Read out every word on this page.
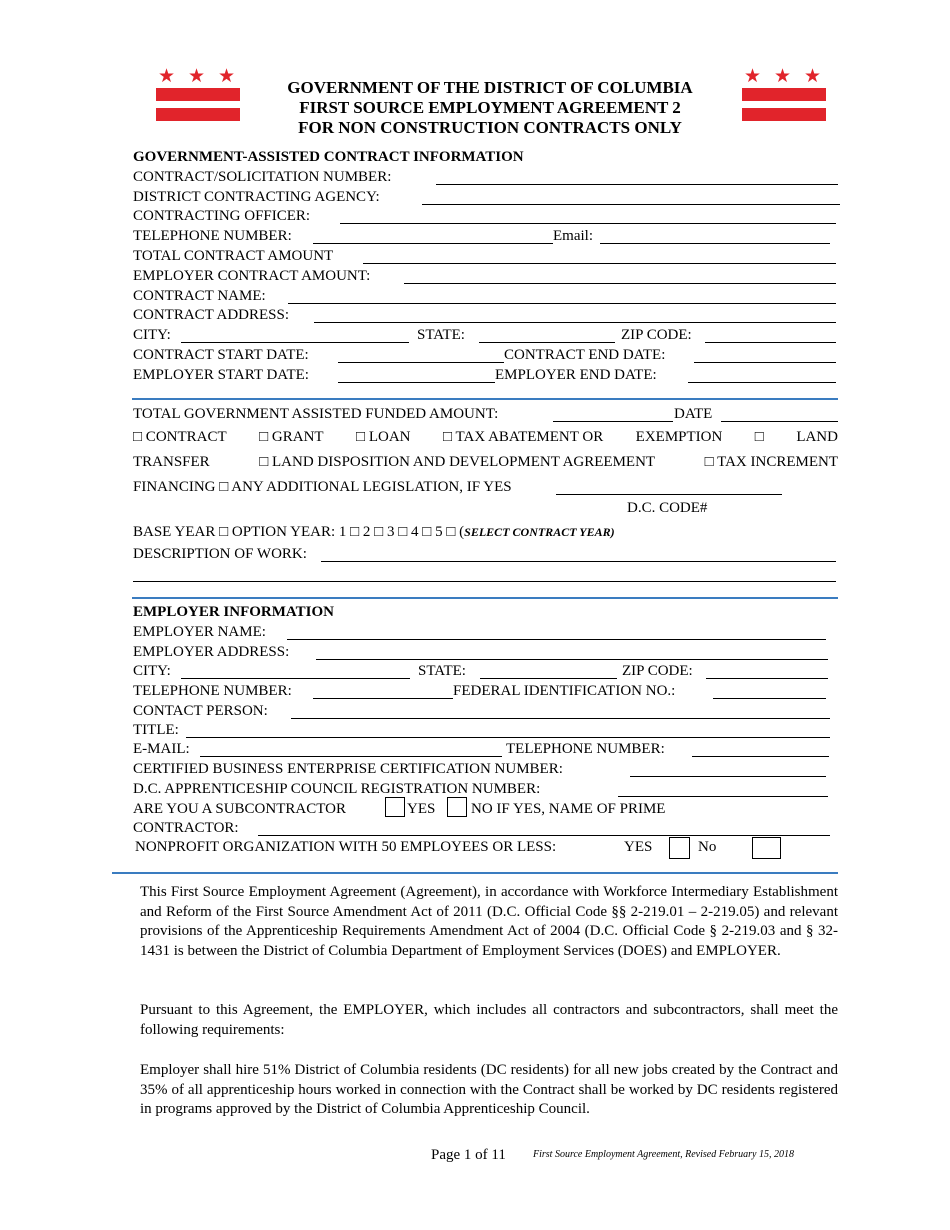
★ ★ ★	★ ★ ★
GOVERNMENT OF THE DISTRICT OF COLUMBIA
FIRST SOURCE EMPLOYMENT AGREEMENT 2
FOR NON CONSTRUCTION CONTRACTS ONLY
GOVERNMENT-ASSISTED CONTRACT INFORMATION
CONTRACT/SOLICITATION NUMBER:
DISTRICT CONTRACTING AGENCY:
CONTRACTING OFFICER:
TELEPHONE NUMBER:	Email:
TOTAL CONTRACT AMOUNT
EMPLOYER CONTRACT AMOUNT:
CONTRACT NAME:
CONTRACT ADDRESS:
CITY:	STATE:	ZIP CODE:
CONTRACT START DATE:	CONTRACT END DATE:
EMPLOYER START DATE:	EMPLOYER END DATE:
TOTAL GOVERNMENT ASSISTED FUNDED AMOUNT:	DATE
□ CONTRACT □ GRANT □ LOAN □ TAX ABATEMENT OR EXEMPTION □ LAND
TRANSFER	□ LAND DISPOSITION AND DEVELOPMENT AGREEMENT	□ TAX INCREMENT
FINANCING □ ANY ADDITIONAL LEGISLATION, IF YES
D.C. CODE#
BASE YEAR □ OPTION YEAR: 1 □ 2 □ 3 □ 4 □ 5 □ (SELECT CONTRACT YEAR)
DESCRIPTION OF WORK:
EMPLOYER INFORMATION
EMPLOYER NAME:
EMPLOYER ADDRESS:
CITY:	STATE:	ZIP CODE:
TELEPHONE NUMBER:	FEDERAL IDENTIFICATION NO.:
CONTACT PERSON:
TITLE:
E-MAIL:	TELEPHONE NUMBER:
CERTIFIED BUSINESS ENTERPRISE CERTIFICATION NUMBER:
D.C. APPRENTICESHIP COUNCIL REGISTRATION NUMBER:
ARE YOU A SUBCONTRACTOR	YES NO IF YES, NAME OF PRIME
CONTRACTOR:
NONPROFIT ORGANIZATION WITH 50 EMPLOYEES OR LESS:	YES	No
This First Source Employment Agreement (Agreement), in accordance with Workforce Intermediary Establishment and Reform of the First Source Amendment Act of 2011 (D.C. Official Code §§ 2-219.01 – 2-219.05) and relevant provisions of the Apprenticeship Requirements Amendment Act of 2004 (D.C. Official Code § 2-219.03 and § 32-1431 is between the District of Columbia Department of Employment Services (DOES) and EMPLOYER.
Pursuant to this Agreement, the EMPLOYER, which includes all contractors and subcontractors, shall meet the following requirements:
Employer shall hire 51% District of Columbia residents (DC residents) for all new jobs created by the Contract and 35% of all apprenticeship hours worked in connection with the Contract shall be worked by DC residents registered in programs approved by the District of Columbia Apprenticeship Council.
Page 1 of 11	First Source Employment Agreement, Revised February 15, 2018
